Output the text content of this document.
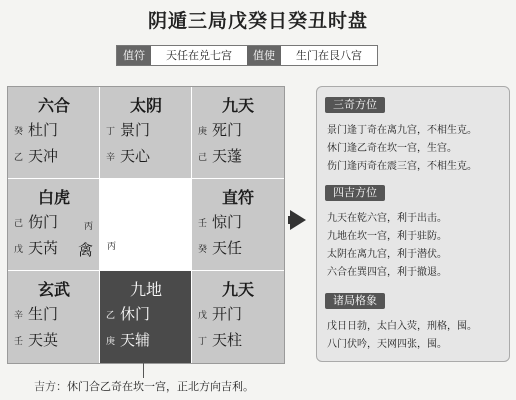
阴遁三局戊癸日癸丑时盘
值符	天任在兑七宫	值使	生门在艮八宫
六合
癸 杜门
乙 天冲
太阴
丁 景门
辛 天心
九天
庚 死门
己 天蓬
白虎
己 伤门
戊 天芮
丙
禽 丙
直符
壬 惊门
癸 天任
玄武
辛 生门
壬 天英
九地
乙 休门
庚 天辅
九天
戊 开门
丁 天柱
三奇方位
景门逢丁奇在离九宫，不相生克。
休门逢乙奇在坎一宫，生宫。
伤门逢丙奇在震三宫，不相生克。
四吉方位
九天在乾六宫，利于出击。
九地在坎一宫，利于驻防。
太阴在离九宫，利于潜伏。
六合在巽四宫，利于撤退。
诸局格象
戊日日勃，太白入荧，刑格，囤。
八门伏吟，天网四张，囤。
吉方：休门合乙奇在坎一宫，正北方向吉利。
